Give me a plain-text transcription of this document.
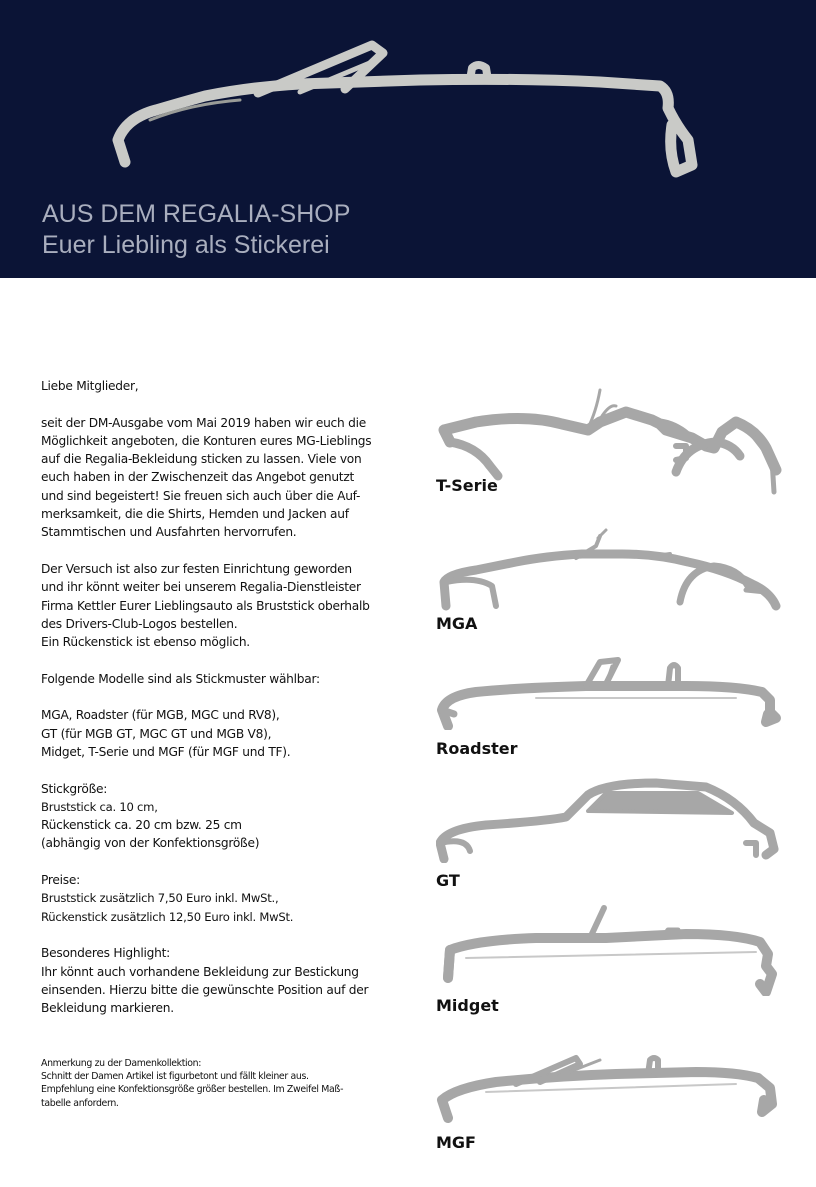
AUS DEM REGALIA-SHOP
Euer Liebling als Stickerei

Liebe Mitglieder,

seit der DM-Ausgabe vom Mai 2019 haben wir euch die

Möglichkeit angeboten, die Konturen eures MG-Lieblings

auf die Regalia-Bekleidung sticken zu lassen. Viele von

euch haben in der Zwischenzeit das Angebot genutzt

und sind begeistert! Sie freuen sich auch über die Auf-

merksamkeit, die die Shirts, Hemden und Jacken auf

Stammtischen und Ausfahrten hervorrufen.

Der Versuch ist also zur festen Einrichtung geworden

und ihr könnt weiter bei unserem Regalia-Dienstleister

Firma Kettler Eurer Lieblingsauto als Bruststick oberhalb

des Drivers-Club-Logos bestellen.

Ein Rückenstick ist ebenso möglich.

Folgende Modelle sind als Stickmuster wählbar:

MGA, Roadster (für MGB, MGC und RV8),

GT (für MGB GT, MGC GT und MGB V8),

Midget, T-Serie und MGF (für MGF und TF).

Stickgröße:

Bruststick ca. 10 cm,

Rückenstick ca. 20 cm bzw. 25 cm

(abhängig von der Konfektionsgröße)

Preise:

Bruststick zusätzlich 7,50 Euro inkl. MwSt.,

Rückenstick zusätzlich 12,50 Euro inkl. MwSt.

Besonderes Highlight:

Ihr könnt auch vorhandene Bekleidung zur Bestickung

einsenden. Hierzu bitte die gewünschte Position auf der

Bekleidung markieren.

Anmerkung zu der Damenkollektion:

Schnitt der Damen Artikel ist figurbetont und fällt kleiner aus.

Empfehlung eine Konfektionsgröße größer bestellen. Im Zweifel Maß-

tabelle anfordern.

T-Serie
MGA
Roadster
GT
Midget
MGF
